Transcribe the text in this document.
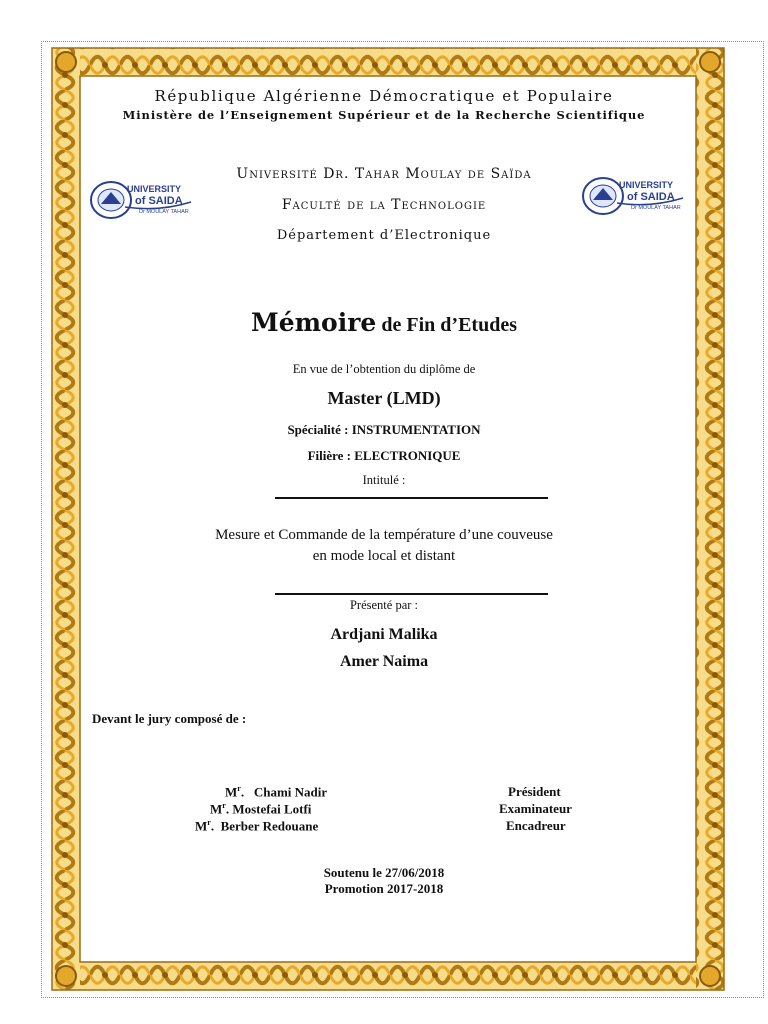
République Algérienne Démocratique et Populaire
Ministère de l’Enseignement Supérieur et de la Recherche Scientifique
UNIVERSITY
of SAIDA
Dr MOULAY TAHAR
UNIVERSITY
of SAIDA
Dr MOULAY TAHAR
Université Dr. Tahar Moulay de Saïda
Faculté de la Technologie
Département d’Electronique
Mémoire de Fin d’Etudes
En vue de l’obtention du diplôme de
Master (LMD)
Spécialité : INSTRUMENTATION
Filière : ELECTRONIQUE
Intitulé :
Mesure et Commande de la température d’une couveuse
en mode local et distant
Présenté par :
Ardjani Malika
Amer Naima
Devant le jury composé de :
$M^r$.   Chami Nadir	Président
$M^r$. Mostefai Lotfi	Examinateur
$M^r$.  Berber Redouane	Encadreur
Soutenu le 27/06/2018
Promotion 2017-2018
